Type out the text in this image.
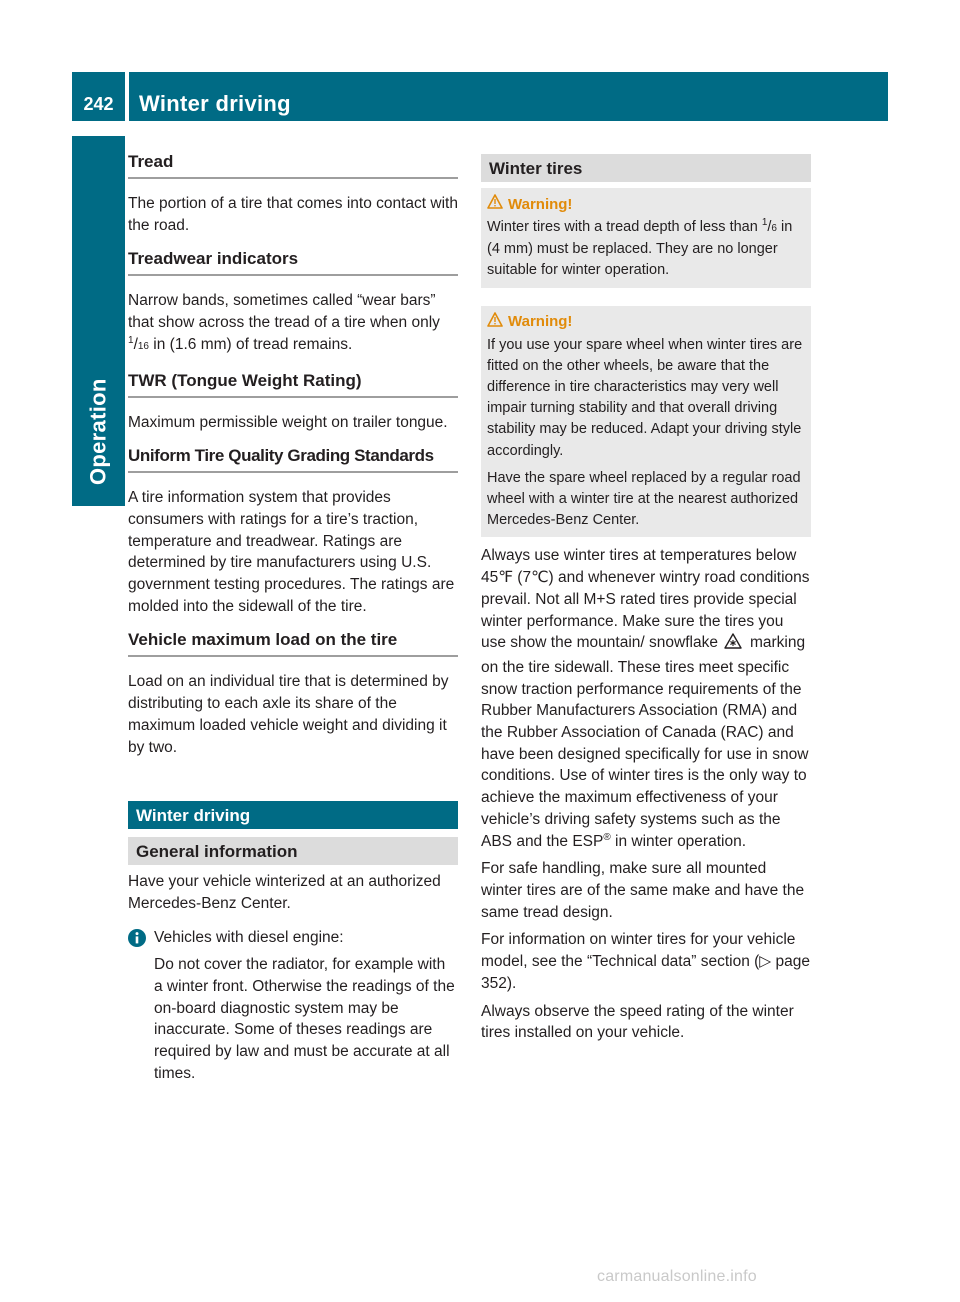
242	Winter driving
Operation
Tread

The portion of a tire that comes into contact with the road.

Treadwear indicators

Narrow bands, sometimes called “wear bars” that show across the tread of a tire when only $^1$/16 in (1.6 mm) of tread remains.

TWR (Tongue Weight Rating)

Maximum permissible weight on trailer tongue.

Uniform Tire Quality Grading Standards

A tire information system that provides consumers with ratings for a tire’s traction, temperature and treadwear. Ratings are determined by tire manufacturers using U.S. government testing procedures. The ratings are molded into the sidewall of the tire.

Vehicle maximum load on the tire

Load on an individual tire that is determined by distributing to each axle its share of the maximum loaded vehicle weight and dividing it by two.

Winter driving
General information

Have your vehicle winterized at an authorized Mercedes-Benz Center.

Vehicles with diesel engine:

Do not cover the radiator, for example with a winter front. Otherwise the readings of the on-board diagnostic system may be inaccurate. Some of theses readings are required by law and must be accurate at all times.

Winter tires
Warning!

Winter tires with a tread depth of less than $^1$/6 in (4 mm) must be replaced. They are no longer suitable for winter operation.

Warning!

If you use your spare wheel when winter tires are fitted on the other wheels, be aware that the difference in tire characteristics may very well impair turning stability and that overall driving stability may be reduced. Adapt your driving style accordingly.

Have the spare wheel replaced by a regular road wheel with a winter tire at the nearest authorized Mercedes-Benz Center.

Always use winter tires at temperatures below 45℉ (7℃) and whenever wintry road conditions prevail. Not all M+S rated tires provide special winter performance. Make sure the tires you use show the mountain/ snowflake marking on the tire sidewall. These tires meet specific snow traction performance requirements of the Rubber Manufacturers Association (RMA) and the Rubber Association of Canada (RAC) and have been designed specifically for use in snow conditions. Use of winter tires is the only way to achieve the maximum effectiveness of your vehicle’s driving safety systems such as the ABS and the ESP® in winter operation.

For safe handling, make sure all mounted winter tires are of the same make and have the same tread design.

For information on winter tires for your vehicle model, see the “Technical data” section (▷ page 352).

Always observe the speed rating of the winter tires installed on your vehicle.

carmanualsonline.info
